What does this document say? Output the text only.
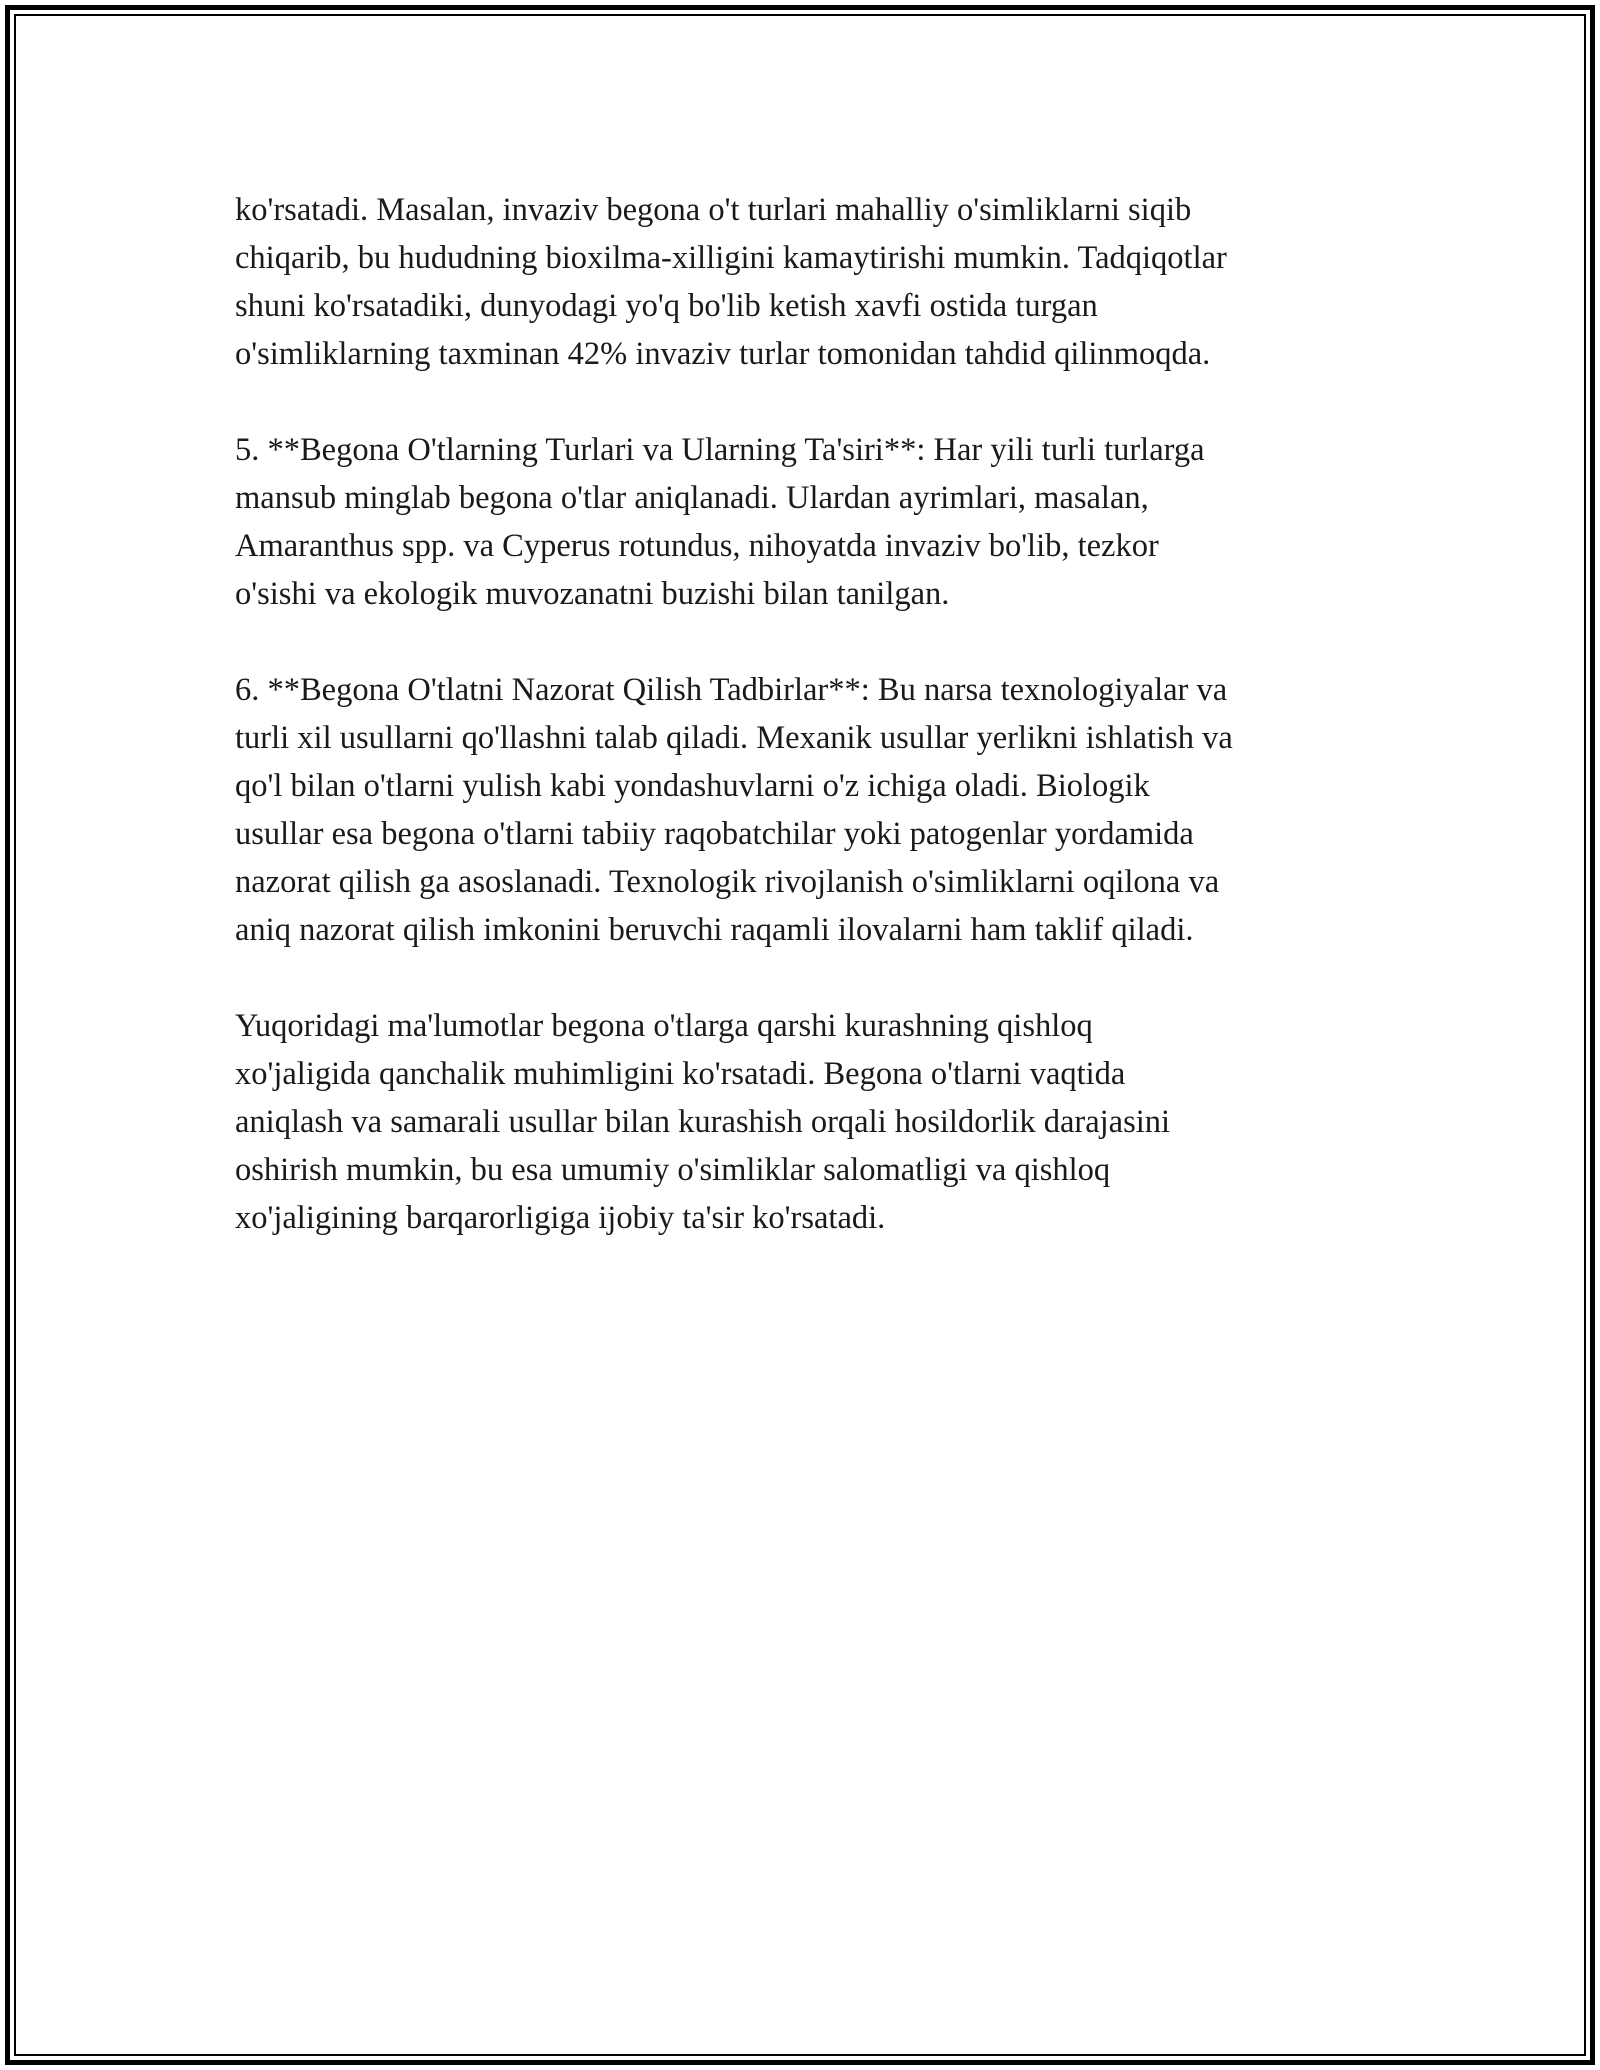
ko'rsatadi. Masalan, invaziv begona o't turlari mahalliy o'simliklarni siqib
chiqarib, bu hududning bioxilma-xilligini kamaytirishi mumkin. Tadqiqotlar
shuni ko'rsatadiki, dunyodagi yo'q bo'lib ketish xavfi ostida turgan
o'simliklarning taxminan 42% invaziv turlar tomonidan tahdid qilinmoqda.

5. **Begona O'tlarning Turlari va Ularning Ta'siri**: Har yili turli turlarga
mansub minglab begona o'tlar aniqlanadi. Ulardan ayrimlari, masalan,
Amaranthus spp. va Cyperus rotundus, nihoyatda invaziv bo'lib, tezkor
o'sishi va ekologik muvozanatni buzishi bilan tanilgan.

6. **Begona O'tlatni Nazorat Qilish Tadbirlar**: Bu narsa texnologiyalar va
turli xil usullarni qo'llashni talab qiladi. Mexanik usullar yerlikni ishlatish va
qo'l bilan o'tlarni yulish kabi yondashuvlarni o'z ichiga oladi. Biologik
usullar esa begona o'tlarni tabiiy raqobatchilar yoki patogenlar yordamida
nazorat qilish ga asoslanadi. Texnologik rivojlanish o'simliklarni oqilona va
aniq nazorat qilish imkonini beruvchi raqamli ilovalarni ham taklif qiladi.

Yuqoridagi ma'lumotlar begona o'tlarga qarshi kurashning qishloq
xo'jaligida qanchalik muhimligini ko'rsatadi. Begona o'tlarni vaqtida
aniqlash va samarali usullar bilan kurashish orqali hosildorlik darajasini
oshirish mumkin, bu esa umumiy o'simliklar salomatligi va qishloq
xo'jaligining barqarorligiga ijobiy ta'sir ko'rsatadi.
